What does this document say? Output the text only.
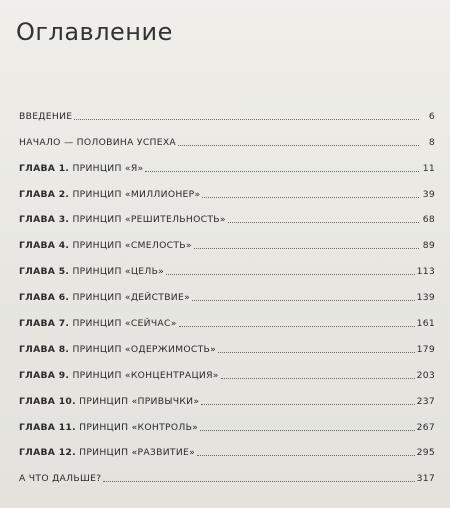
Оглавление
ВВЕДЕНИЕ	6
НАЧАЛО — ПОЛОВИНА УСПЕХА	8
ГЛАВА 1. ПРИНЦИП «Я»	11
ГЛАВА 2. ПРИНЦИП «МИЛЛИОНЕР»	39
ГЛАВА 3. ПРИНЦИП «РЕШИТЕЛЬНОСТЬ»	68
ГЛАВА 4. ПРИНЦИП «СМЕЛОСТЬ»	89
ГЛАВА 5. ПРИНЦИП «ЦЕЛЬ»	113
ГЛАВА 6. ПРИНЦИП «ДЕЙСТВИЕ»	139
ГЛАВА 7. ПРИНЦИП «СЕЙЧАС»	161
ГЛАВА 8. ПРИНЦИП «ОДЕРЖИМОСТЬ»	179
ГЛАВА 9. ПРИНЦИП «КОНЦЕНТРАЦИЯ»	203
ГЛАВА 10. ПРИНЦИП «ПРИВЫЧКИ»	237
ГЛАВА 11. ПРИНЦИП «КОНТРОЛЬ»	267
ГЛАВА 12. ПРИНЦИП «РАЗВИТИЕ»	295
А ЧТО ДАЛЬШЕ?	317
